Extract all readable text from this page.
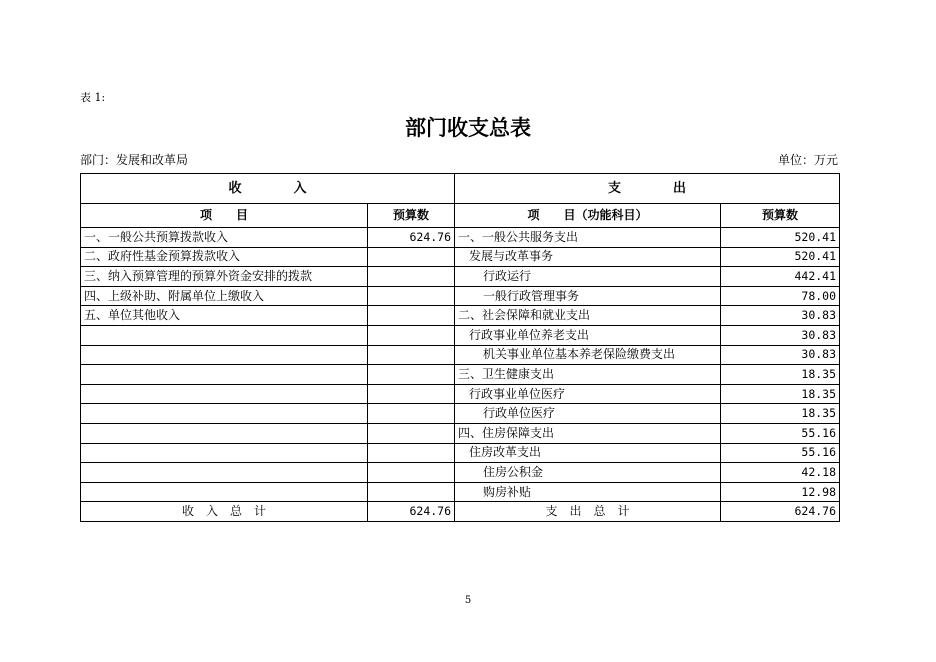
表 1:
部门收支总表
部门：发展和改革局	单位：万元
收　　　　入		支　　　　出	
项　　目	预算数	项　　目（功能科目）	预算数
一、一般公共预算拨款收入	624.76	一、一般公共服务支出	520.41
二、政府性基金预算拨款收入		发展与改革事务	520.41
三、纳入预算管理的预算外资金安排的拨款		行政运行	442.41
四、上级补助、附属单位上缴收入		一般行政管理事务	78.00
五、单位其他收入		二、社会保障和就业支出	30.83
		行政事业单位养老支出	30.83
		机关事业单位基本养老保险缴费支出	30.83
		三、卫生健康支出	18.35
		行政事业单位医疗	18.35
		行政单位医疗	18.35
		四、住房保障支出	55.16
		住房改革支出	55.16
		住房公积金	42.18
		购房补贴	12.98
收　入　总　计	624.76	支　出　总　计	624.76
5
